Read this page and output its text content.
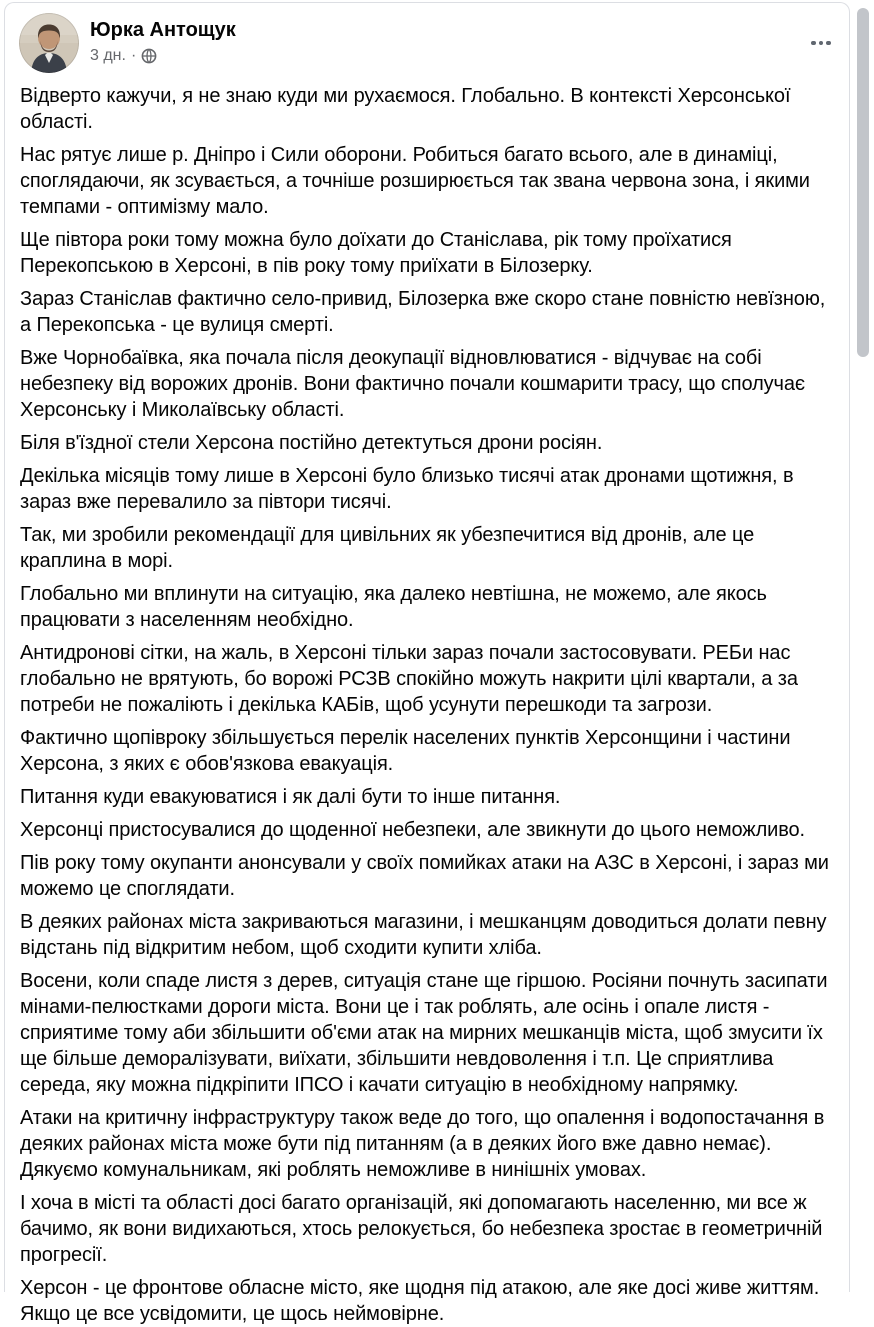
Юрка Антощук
3 дн. ·

Відверто кажучи, я не знаю куди ми рухаємося. Глобально. В контексті Херсонської області.

Нас рятує лише р. Дніпро і Сили оборони. Робиться багато всього, але в динаміці, споглядаючи, як зсувається, а точніше розширюється так звана червона зона, і якими темпами - оптимізму мало.

Ще півтора роки тому можна було доїхати до Станіслава, рік тому проїхатися Перекопською в Херсоні, в пів року тому приїхати в Білозерку.

Зараз Станіслав фактично село-привид, Білозерка вже скоро стане повністю невїзною, а Перекопська - це вулиця смерті.

Вже Чорнобаївка, яка почала після деокупації відновлюватися - відчуває на собі небезпеку від ворожих дронів. Вони фактично почали кошмарити трасу, що сполучає Херсонську і Миколаївську області.

Біля в'їздної стели Херсона постійно детектуться дрони росіян.

Декілька місяців тому лише в Херсоні було близько тисячі атак дронами щотижня, в зараз вже перевалило за півтори тисячі.

Так, ми зробили рекомендації для цивільних як убезпечитися від дронів, але це краплина в морі.

Глобально ми вплинути на ситуацію, яка далеко невтішна, не можемо, але якось працювати з населенням необхідно.

Антидронові сітки, на жаль, в Херсоні тільки зараз почали застосовувати. РЕБи нас глобально не врятують, бо ворожі РСЗВ спокійно можуть накрити цілі квартали, а за потреби не пожаліють і декілька КАБів, щоб усунути перешкоди та загрози.

Фактично щопівроку збільшується перелік населених пунктів Херсонщини і частини Херсона, з яких є обов'язкова евакуація.

Питання куди евакуюватися і як далі бути то інше питання.

Херсонці пристосувалися до щоденної небезпеки, але звикнути до цього неможливо.

Пів року тому окупанти анонсували у своїх помийках атаки на АЗС в Херсоні, і зараз ми можемо це споглядати.

В деяких районах міста закриваються магазини, і мешканцям доводиться долати певну відстань під відкритим небом, щоб сходити купити хліба.

Восени, коли спаде листя з дерев, ситуація стане ще гіршою. Росіяни почнуть засипати мінами-пелюстками дороги міста. Вони це і так роблять, але осінь і опале листя - сприятиме тому аби збільшити об'єми атак на мирних мешканців міста, щоб змусити їх ще більше деморалізувати, виїхати, збільшити невдоволення і т.п. Це сприятлива середа, яку можна підкріпити ІПСО і качати ситуацію в необхідному напрямку.

Атаки на критичну інфраструктуру також веде до того, що опалення і водопостачання в деяких районах міста може бути під питанням (а в деяких його вже давно немає). Дякуємо комунальникам, які роблять неможливе в нинішніх умовах.

І хоча в місті та області досі багато організацій, які допомагають населенню, ми все ж бачимо, як вони видихаються, хтось релокується, бо небезпека зростає в геометричній прогресії.

Херсон - це фронтове обласне місто, яке щодня під атакою, але яке досі живе життям. Якщо це все усвідомити, це щось неймовірне.
